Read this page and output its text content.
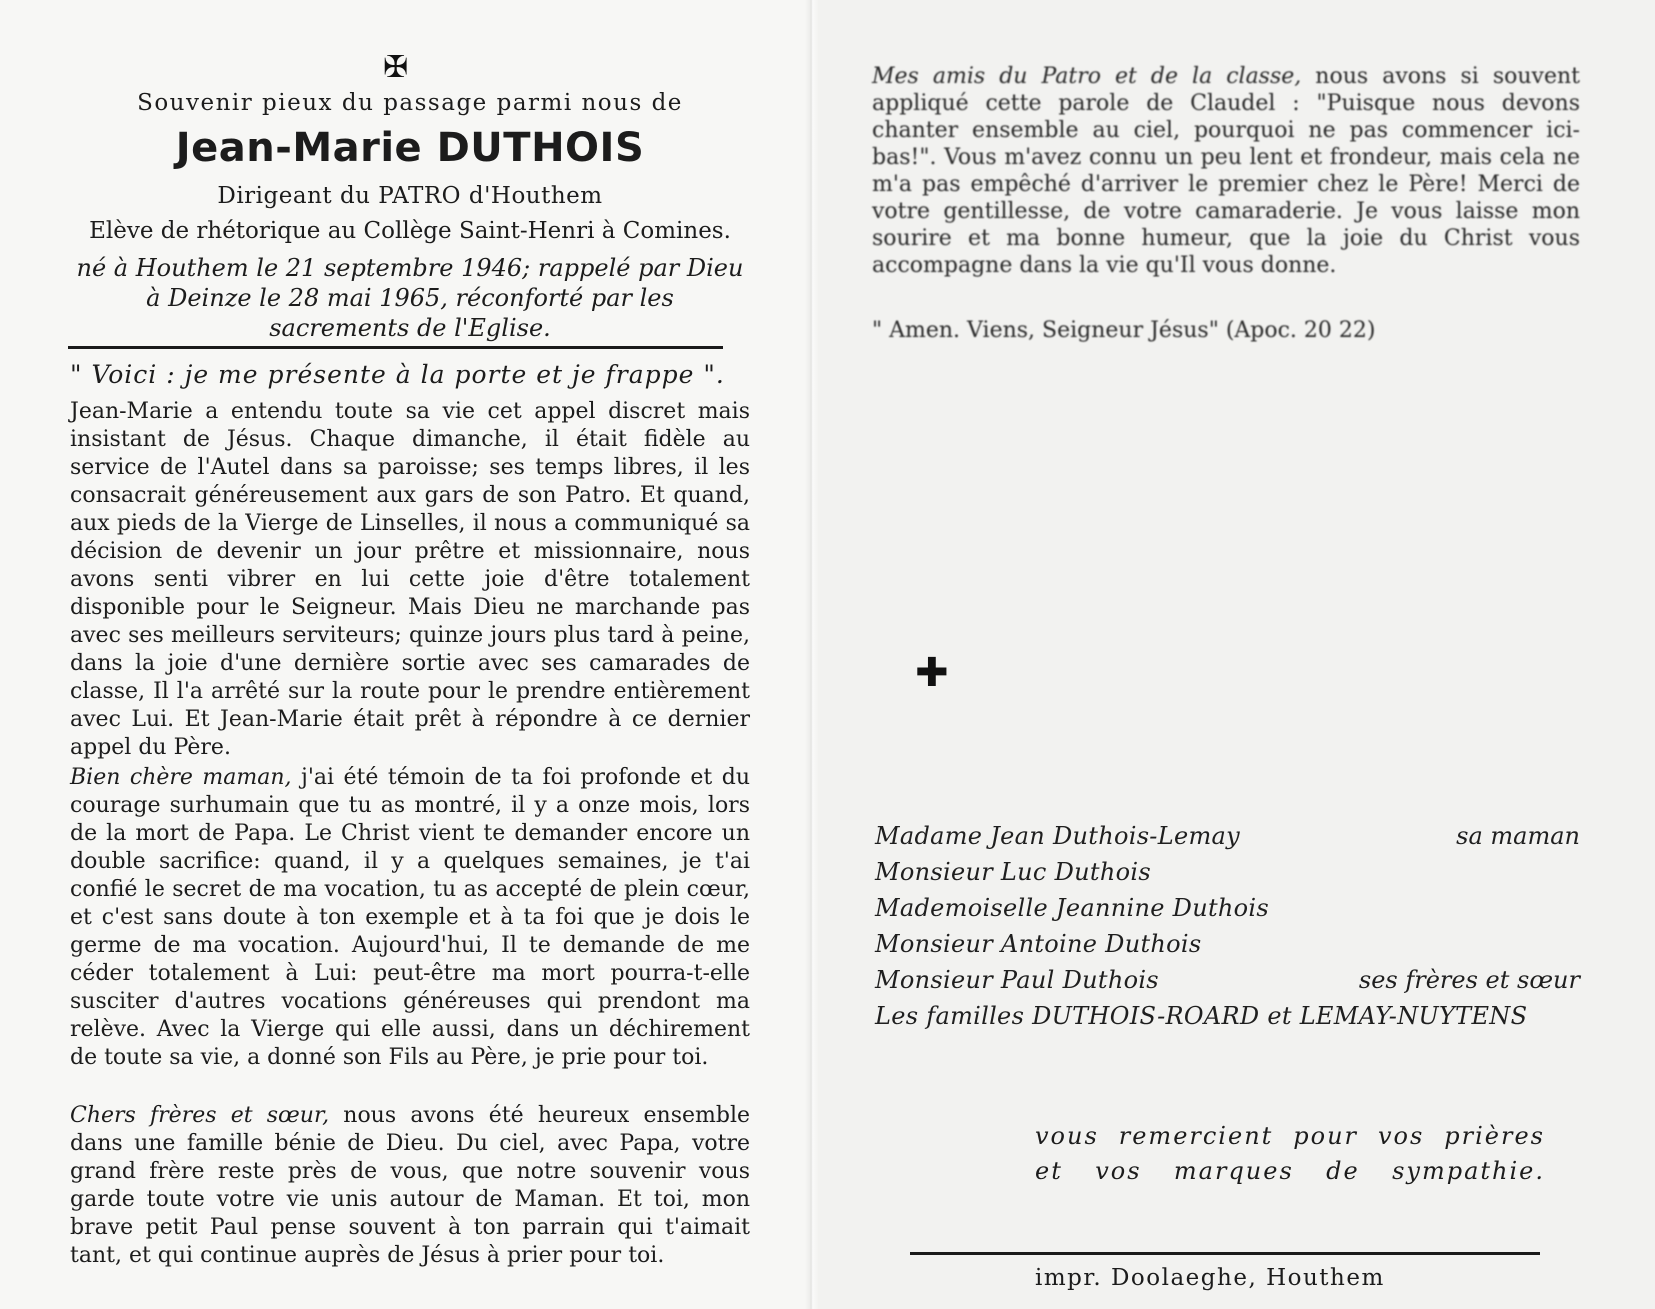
✠
Souvenir pieux du passage parmi nous de
Jean-Marie DUTHOIS
Dirigeant du PATRO d'Houthem
Elève de rhétorique au Collège Saint-Henri à Comines.
né à Houthem le 21 septembre 1946; rappelé par Dieu
à Deinze le 28 mai 1965, réconforté par les
sacrements de l'Eglise.
" Voici : je me présente à la porte et je frappe ".

Jean-Marie a entendu toute sa vie cet appel discret mais insistant de Jésus. Chaque dimanche, il était fidèle au service de l'Autel dans sa paroisse; ses temps libres, il les consacrait généreusement aux gars de son Patro. Et quand, aux pieds de la Vierge de Linselles, il nous a communiqué sa décision de devenir un jour prêtre et missionnaire, nous avons senti vibrer en lui cette joie d'être totalement disponible pour le Seigneur. Mais Dieu ne marchande pas avec ses meilleurs serviteurs; quinze jours plus tard à peine, dans la joie d'une dernière sortie avec ses camarades de classe, Il l'a arrêté sur la route pour le prendre entièrement avec Lui. Et Jean-Marie était prêt à répondre à ce dernier appel du Père.

Bien chère maman, j'ai été témoin de ta foi profonde et du courage surhumain que tu as montré, il y a onze mois, lors de la mort de Papa. Le Christ vient te demander encore un double sacrifice: quand, il y a quelques semaines, je t'ai confié le secret de ma vocation, tu as accepté de plein cœur, et c'est sans doute à ton exemple et à ta foi que je dois le germe de ma vocation. Aujourd'hui, Il te demande de me céder totalement à Lui: peut-être ma mort pourra-t-elle susciter d'autres vocations généreuses qui prendont ma relève. Avec la Vierge qui elle aussi, dans un déchirement de toute sa vie, a donné son Fils au Père, je prie pour toi.

Chers frères et sœur, nous avons été heureux ensemble dans une famille bénie de Dieu. Du ciel, avec Papa, votre grand frère reste près de vous, que notre souvenir vous garde toute votre vie unis autour de Maman. Et toi, mon brave petit Paul pense souvent à ton parrain qui t'aimait tant, et qui continue auprès de Jésus à prier pour toi.

Mes amis du Patro et de la classe, nous avons si souvent appliqué cette parole de Claudel : "Puisque nous devons chanter ensemble au ciel, pourquoi ne pas commencer ici-bas!". Vous m'avez connu un peu lent et frondeur, mais cela ne m'a pas empêché d'arriver le premier chez le Père! Merci de votre gentillesse, de votre camaraderie. Je vous laisse mon sourire et ma bonne humeur, que la joie du Christ vous accompagne dans la vie qu'Il vous donne.

" Amen. Viens, Seigneur Jésus" (Apoc. 20 22)
✚
Madame Jean Duthois-Lemay	sa maman
Monsieur Luc Duthois
Mademoiselle Jeannine Duthois
Monsieur Antoine Duthois
Monsieur Paul Duthois	ses frères et sœur
Les familles DUTHOIS-ROARD et LEMAY-NUYTENS
vous remercient pour vos prières
et vos marques de sympathie.
impr. Doolaeghe, Houthem
